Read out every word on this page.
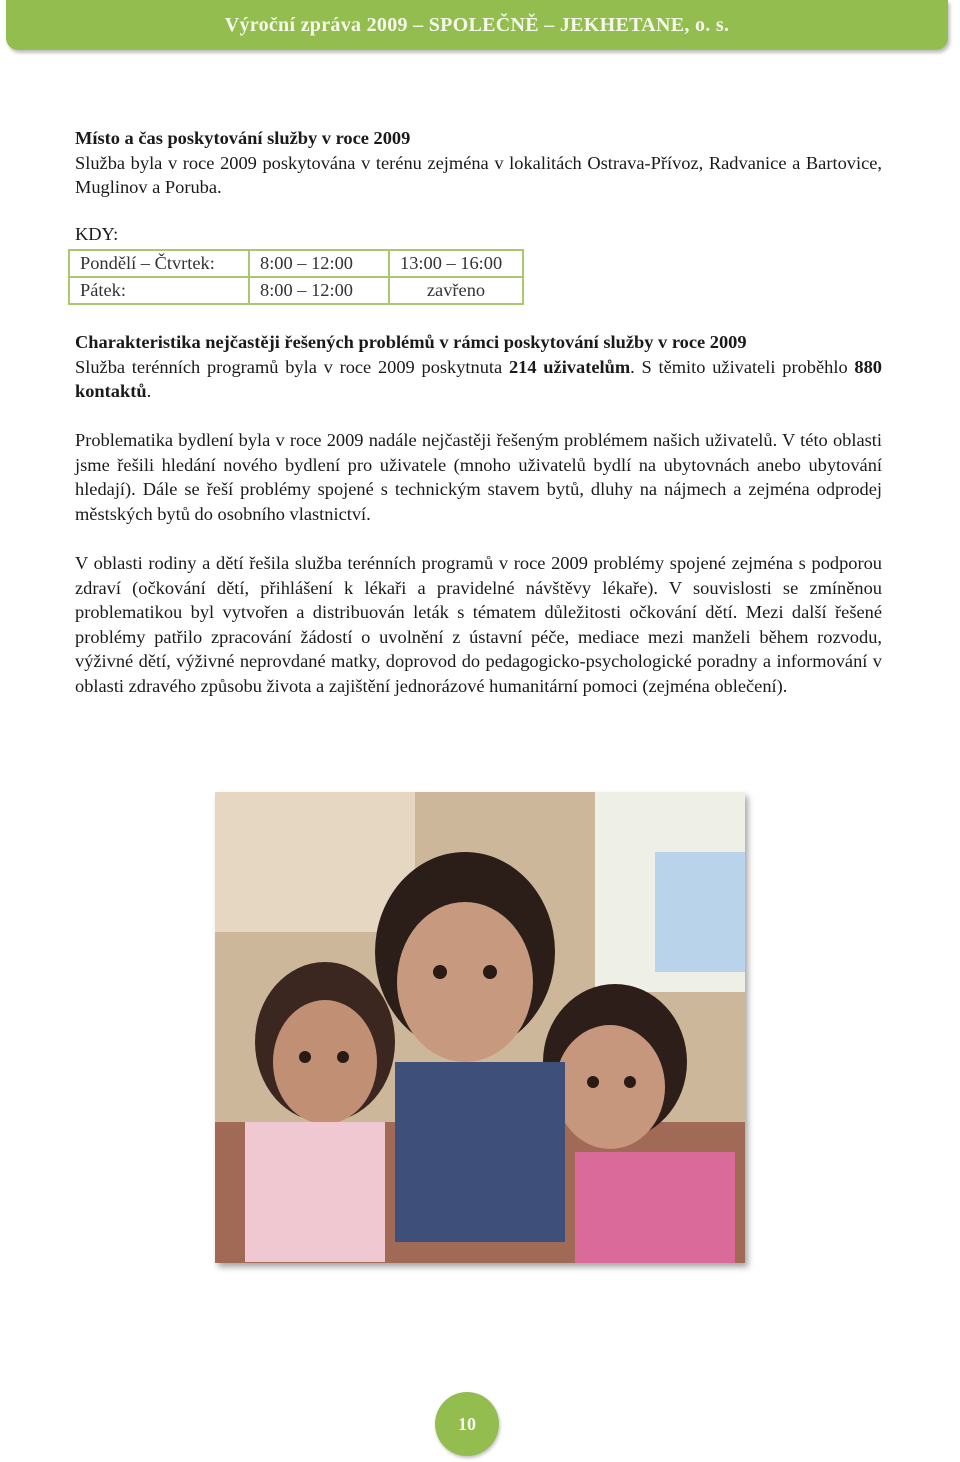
Výroční zpráva 2009 – SPOLEČNĚ – JEKHETANE, o. s.

Místo a čas poskytování služby v roce 2009

Služba byla v roce 2009 poskytována v terénu zejména v lokalitách Ostrava-Přívoz, Radvanice a Bartovice, Muglinov a Poruba.

KDY:
Pondělí – Čtvrtek:	8:00 – 12:00	13:00 – 16:00
Pátek:	8:00 – 12:00	zavřeno

Charakteristika nejčastěji řešených problémů v rámci poskytování služby v roce 2009

Služba terénních programů byla v roce 2009 poskytnuta 214 uživatelům. S těmito uživateli proběhlo 880 kontaktů.

Problematika bydlení byla v roce 2009 nadále nejčastěji řešeným problémem našich uživatelů. V této oblasti jsme řešili hledání nového bydlení pro uživatele (mnoho uživatelů bydlí na ubytovnách anebo ubytování hledají). Dále se řeší problémy spojené s technickým stavem bytů, dluhy na nájmech a zejména odprodej městských bytů do osobního vlastnictví.

V oblasti rodiny a dětí řešila služba terénních programů v roce 2009 problémy spojené zejména s podporou zdraví (očkování dětí, přihlášení k lékaři a pravidelné návštěvy lékaře). V souvislosti se zmíněnou problematikou byl vytvořen a distribuován leták s tématem důležitosti očkování dětí. Mezi další řešené problémy patřilo zpracování žádostí o uvolnění z ústavní péče, mediace mezi manželi během rozvodu, výživné dětí, výživné neprovdané matky, doprovod do pedagogicko-psychologické poradny a informování v oblasti zdravého způsobu života a zajištění jednorázové humanitární pomoci (zejména oblečení).

10
